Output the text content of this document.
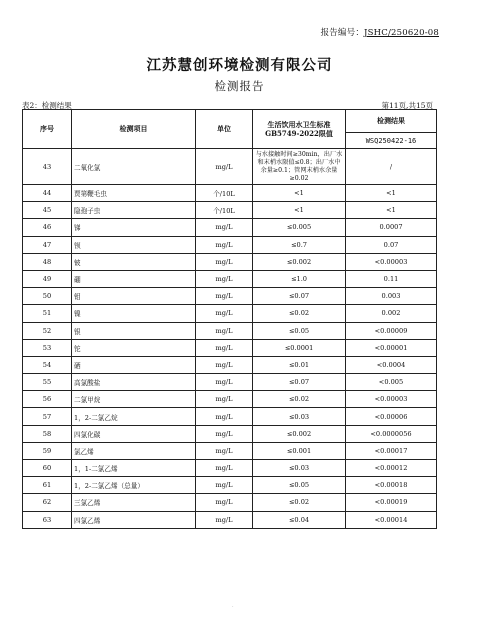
报告编号：JSHC/250620-08
江苏慧创环境检测有限公司
检测报告
表2：检测结果	第11页,共15页
序号	检测项目	单位	生活饮用水卫生标准
GB5749-2022限值	检测结果
				WSQ250422-16
43	二氧化氯	mg/L	与水接触时间≥30min，出厂水和末梢水限值≤0.8；出厂水中余量≥0.1；管网末梢水余量≥0.02	/
44	贾第鞭毛虫	个/10L	<1	<1
45	隐孢子虫	个/10L	<1	<1
46	锑	mg/L	≤0.005	0.0007
47	钡	mg/L	≤0.7	0.07
48	铍	mg/L	≤0.002	<0.00003
49	硼	mg/L	≤1.0	0.11
50	钼	mg/L	≤0.07	0.003
51	镍	mg/L	≤0.02	0.002
52	银	mg/L	≤0.05	<0.00009
53	铊	mg/L	≤0.0001	<0.00001
54	硒	mg/L	≤0.01	<0.0004
55	高氯酸盐	mg/L	≤0.07	<0.005
56	二氯甲烷	mg/L	≤0.02	<0.00003
57	1，2-二氯乙烷	mg/L	≤0.03	<0.00006
58	四氯化碳	mg/L	≤0.002	<0.0000056
59	氯乙烯	mg/L	≤0.001	<0.00017
60	1，1-二氯乙烯	mg/L	≤0.03	<0.00012
61	1，2-二氯乙烯（总量）	mg/L	≤0.05	<0.00018
62	三氯乙烯	mg/L	≤0.02	<0.00019
63	四氯乙烯	mg/L	≤0.04	<0.00014
·
